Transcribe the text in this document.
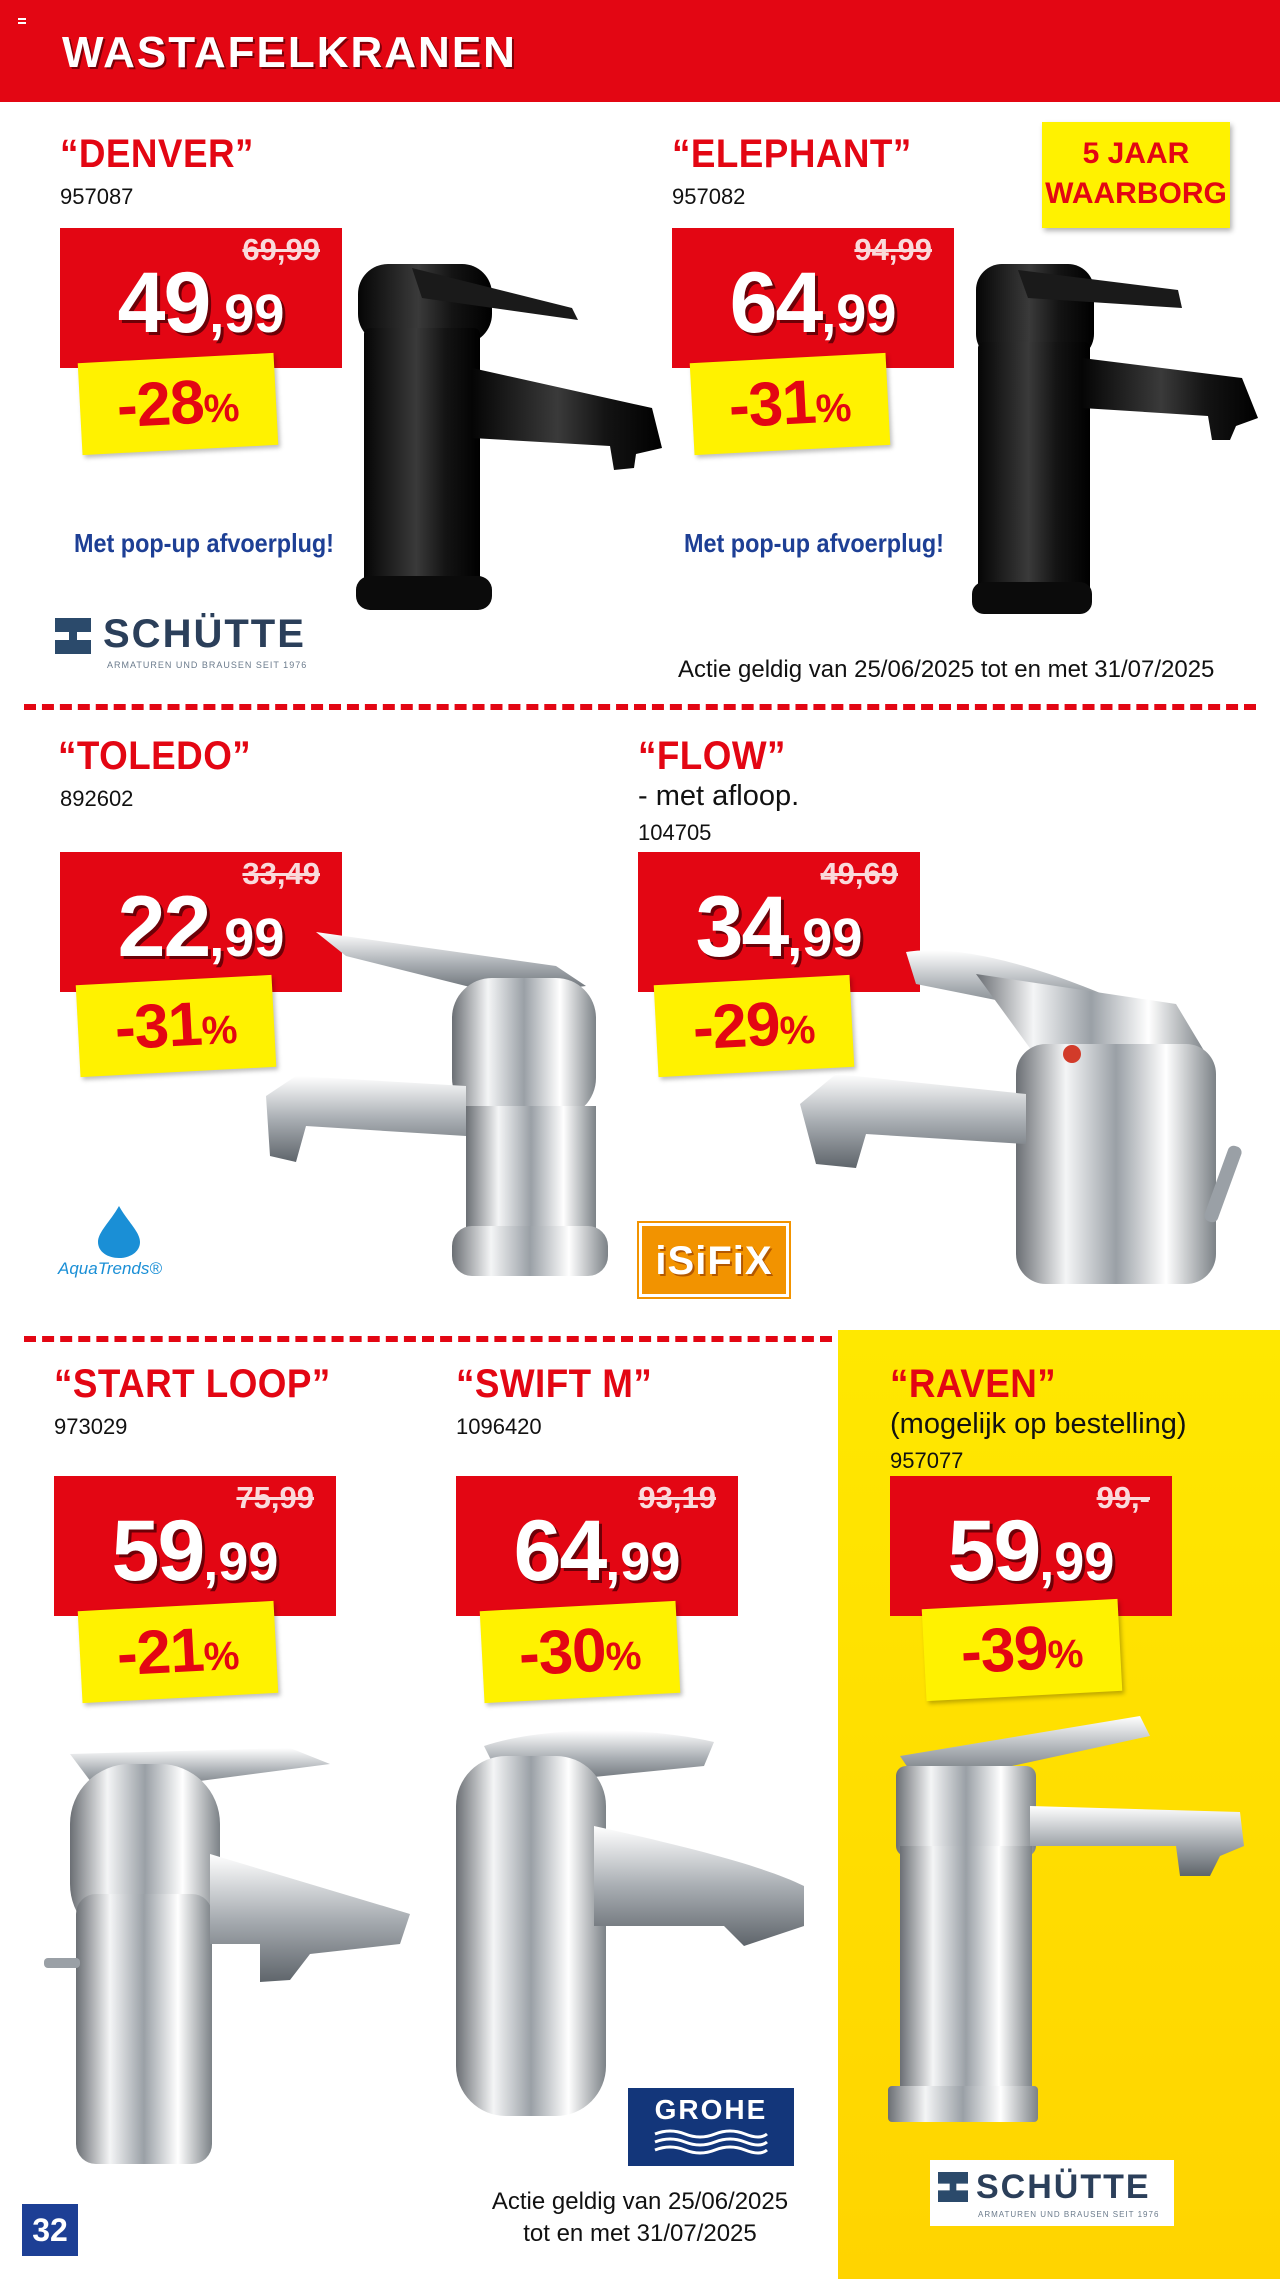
WASTAFELKRANEN
“DENVER”
957087
69,99
49,99
-28%
Met pop-up afvoerplug!
“ELEPHANT”
957082
94,99
64,99
-31%
Met pop-up afvoerplug!
5 JAAR
WAARBORG
SCHÜTTE
ARMATUREN UND BRAUSEN SEIT 1976	Actie geldig van 25/06/2025 tot en met 31/07/2025
“TOLEDO”
892602
33,49
22,99
-31%
AquaTrends®
“FLOW”
- met afloop.
104705
49,69
34,99
-29%
iSiFiX
“START LOOP”
973029
75,99
59,99
-21%
“SWIFT M”
1096420
93,19
64,99
-30%
GROHE
Actie geldig van 25/06/2025
tot en met 31/07/2025
“RAVEN”
(mogelijk op bestelling)
957077
99,-
59,99
-39%
SCHÜTTE
ARMATUREN UND BRAUSEN SEIT 1976
32
